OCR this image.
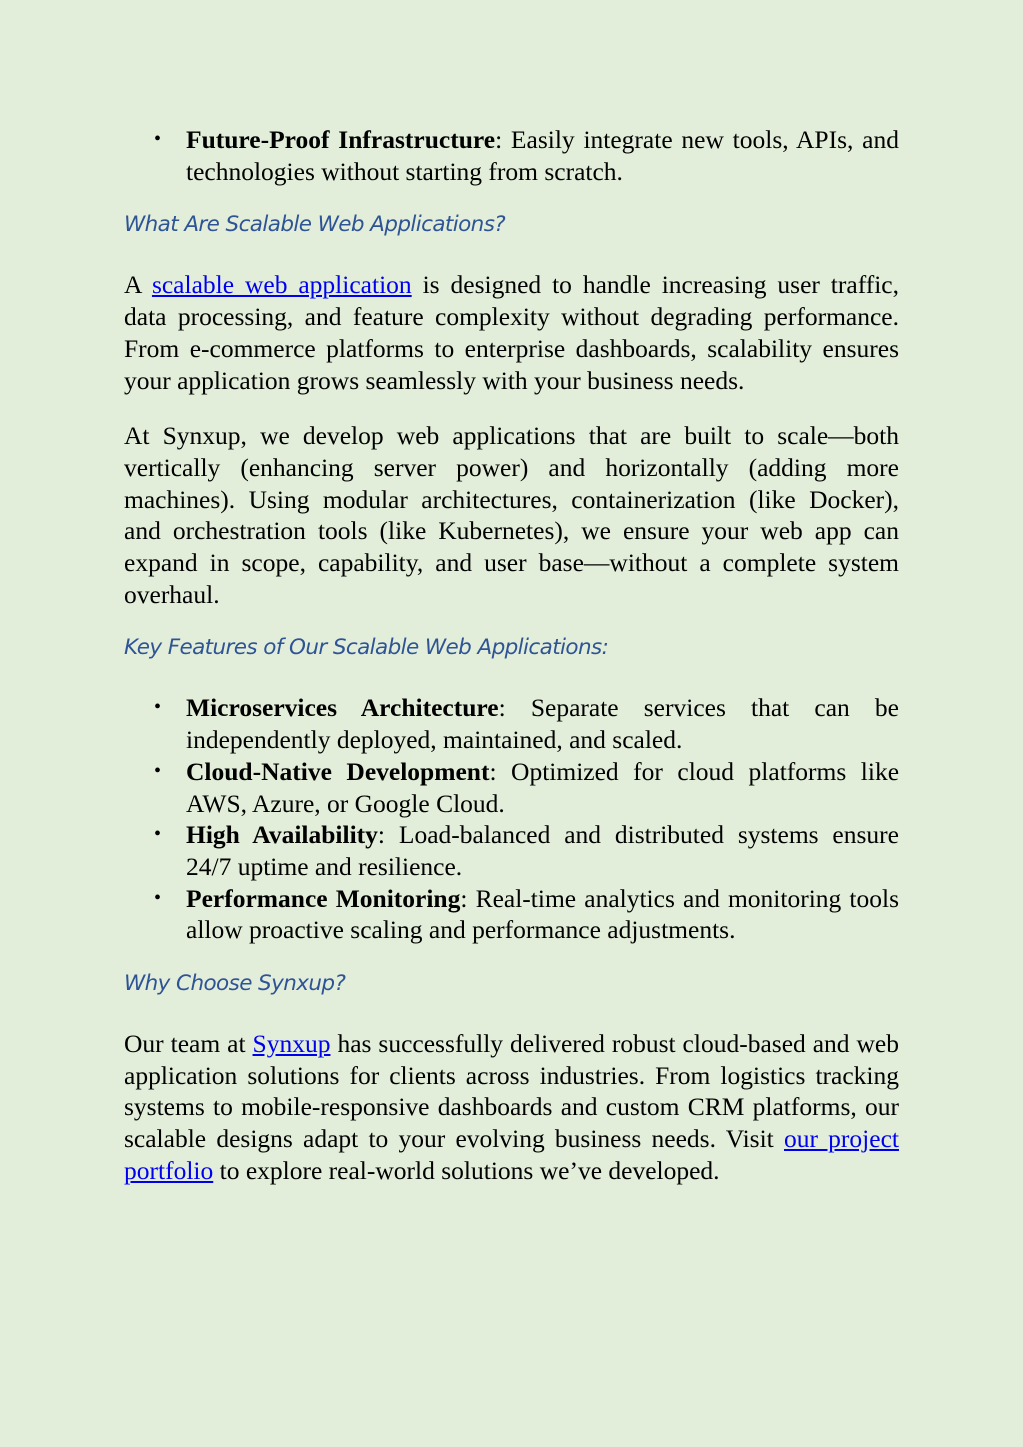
• Future-Proof Infrastructure: Easily integrate new tools, APIs, and technologies without starting from scratch.
What Are Scalable Web Applications?

A scalable web application is designed to handle increasing user traffic, data processing, and feature complexity without degrading performance. From e-commerce platforms to enterprise dashboards, scalability ensures your application grows seamlessly with your business needs.

At Synxup, we develop web applications that are built to scale—both vertically (enhancing server power) and horizontally (adding more machines). Using modular architectures, containerization (like Docker), and orchestration tools (like Kubernetes), we ensure your web app can expand in scope, capability, and user base—without a complete system overhaul.

Key Features of Our Scalable Web Applications:
• Microservices Architecture: Separate services that can be independently deployed, maintained, and scaled.
• Cloud-Native Development: Optimized for cloud platforms like AWS, Azure, or Google Cloud.
• High Availability: Load-balanced and distributed systems ensure 24/7 uptime and resilience.
• Performance Monitoring: Real-time analytics and monitoring tools allow proactive scaling and performance adjustments.
Why Choose Synxup?

Our team at Synxup has successfully delivered robust cloud-based and web application solutions for clients across industries. From logistics tracking systems to mobile-responsive dashboards and custom CRM platforms, our scalable designs adapt to your evolving business needs. Visit our project portfolio to explore real-world solutions we’ve developed.
